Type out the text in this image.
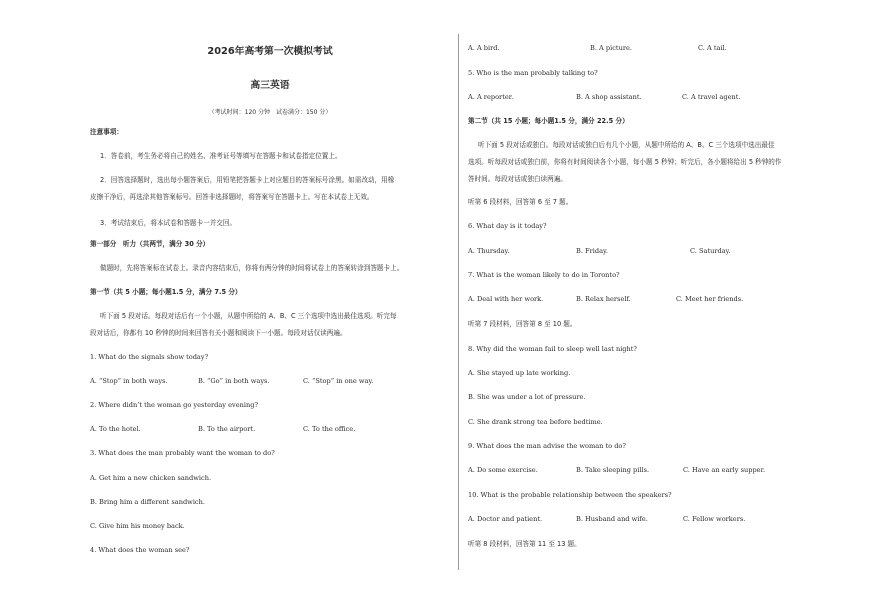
2026年高考第一次模拟考试

高三英语

（考试时间：120 分钟　试卷满分：150 分）

注意事项：

1．答卷前，考生务必将自己的姓名、准考证号等填写在答题卡和试卷指定位置上。

2．回答选择题时，选出每小题答案后，用铅笔把答题卡上对应题目的答案标号涂黑。如需改动，用橡

皮擦干净后，再选涂其他答案标号。回答非选择题时，将答案写在答题卡上。写在本试卷上无效。

3．考试结束后，将本试卷和答题卡一并交回。

第一部分　听力（共两节，满分 30 分）

做题时，先将答案标在试卷上。录音内容结束后，你将有两分钟的时间将试卷上的答案转涂到答题卡上。

第一节（共 5 小题；每小题1.5 分，满分 7.5 分）

听下面 5 段对话。每段对话后有一个小题，从题中所给的 A、B、C 三个选项中选出最佳选项。听完每

段对话后，你都有 10 秒钟的时间来回答有关小题和阅读下一小题。每段对话仅读两遍。

1. What do the signals show today?

A. “Stop” in both ways.	B. “Go” in both ways.	C. “Stop” in one way.

2. Where didn’t the woman go yesterday evening?

A. To the hotel.	B. To the airport.	C. To the office.

3. What does the man probably want the woman to do?

A. Get him a new chicken sandwich.

B. Bring him a different sandwich.

C. Give him his money back.

4. What does the woman see?

A. A bird.	B. A picture.	C. A tail.

5. Who is the man probably talking to?

A. A reporter.	B. A shop assistant.	C. A travel agent.

第二节（共 15 小题；每小题1.5 分，满分 22.5 分）

听下面 5 段对话或独白。每段对话或独白后有几个小题，从题中所给的 A、B、C 三个选项中选出最佳

选项。听每段对话或独白前，你将有时间阅读各个小题，每小题 5 秒钟；听完后，各小题将给出 5 秒钟的作

答时间。每段对话或独白读两遍。

听第 6 段材料，回答第 6 至 7 题。

6. What day is it today?

A. Thursday.	B. Friday.	C. Saturday.

7. What is the woman likely to do in Toronto?

A. Deal with her work.	B. Relax herself.	C. Meet her friends.

听第 7 段材料，回答第 8 至 10 题。

8. Why did the woman fail to sleep well last night?

A. She stayed up late working.

B. She was under a lot of pressure.

C. She drank strong tea before bedtime.

9. What does the man advise the woman to do?

A. Do some exercise.	B. Take sleeping pills.	C. Have an early supper.

10. What is the probable relationship between the speakers?

A. Doctor and patient.	B. Husband and wife.	C. Fellow workers.

听第 8 段材料，回答第 11 至 13 题。
